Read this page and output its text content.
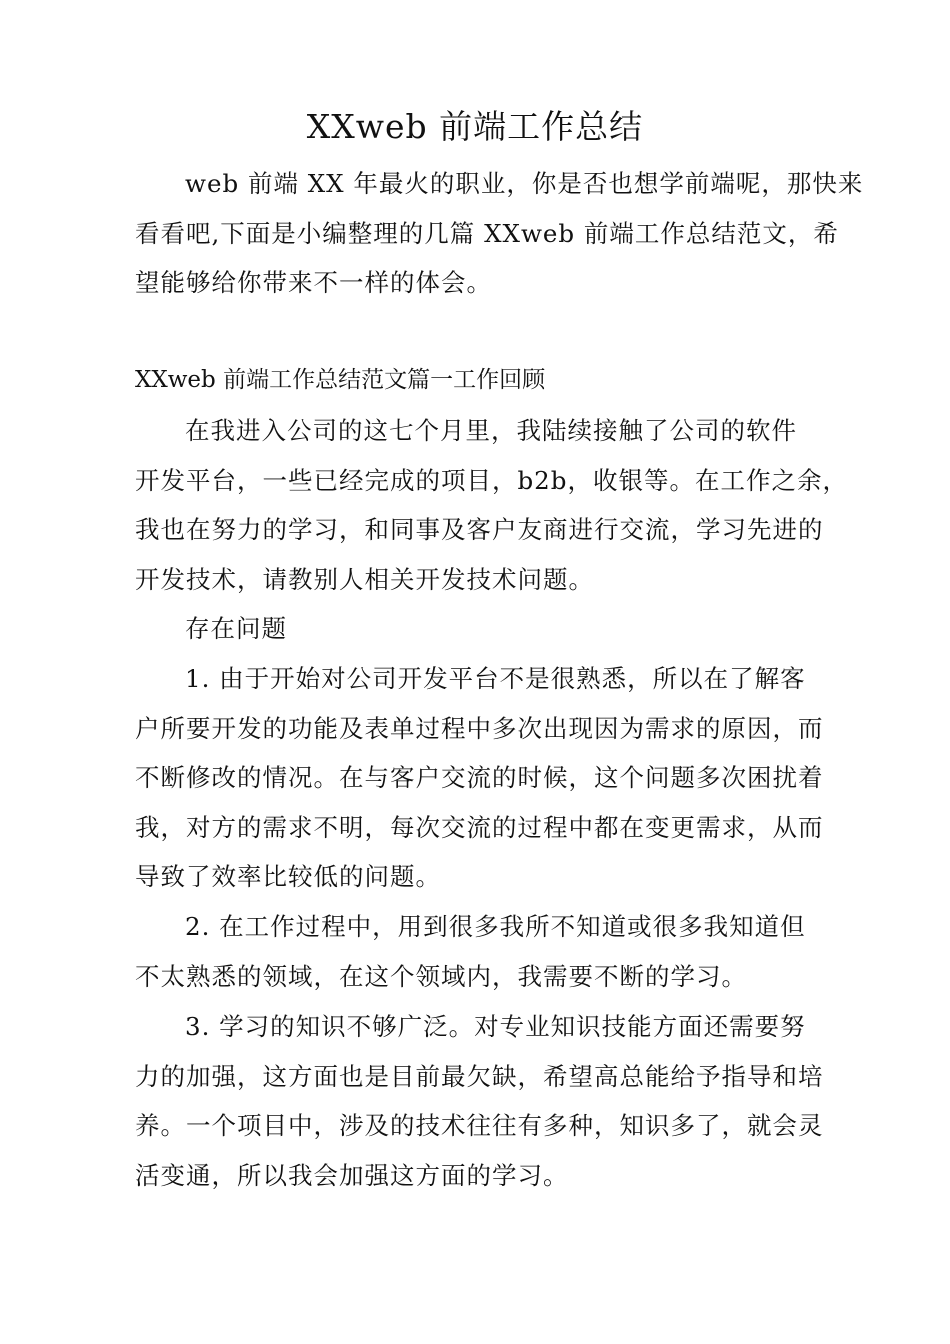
XXweb 前端工作总结
web 前端 XX 年最火的职业，你是否也想学前端呢，那快来
看看吧,下面是小编整理的几篇 XXweb 前端工作总结范文，希
望能够给你带来不一样的体会。
XXweb 前端工作总结范文篇一工作回顾
在我进入公司的这七个月里，我陆续接触了公司的软件
开发平台，一些已经完成的项目，b2b，收银等。在工作之余，
我也在努力的学习，和同事及客户友商进行交流，学习先进的
开发技术，请教别人相关开发技术问题。
存在问题
1. 由于开始对公司开发平台不是很熟悉，所以在了解客
户所要开发的功能及表单过程中多次出现因为需求的原因，而
不断修改的情况。在与客户交流的时候，这个问题多次困扰着
我，对方的需求不明，每次交流的过程中都在变更需求，从而
导致了效率比较低的问题。
2. 在工作过程中，用到很多我所不知道或很多我知道但
不太熟悉的领域，在这个领域内，我需要不断的学习。
3. 学习的知识不够广泛。对专业知识技能方面还需要努
力的加强，这方面也是目前最欠缺，希望高总能给予指导和培
养。一个项目中，涉及的技术往往有多种，知识多了，就会灵
活变通，所以我会加强这方面的学习。
